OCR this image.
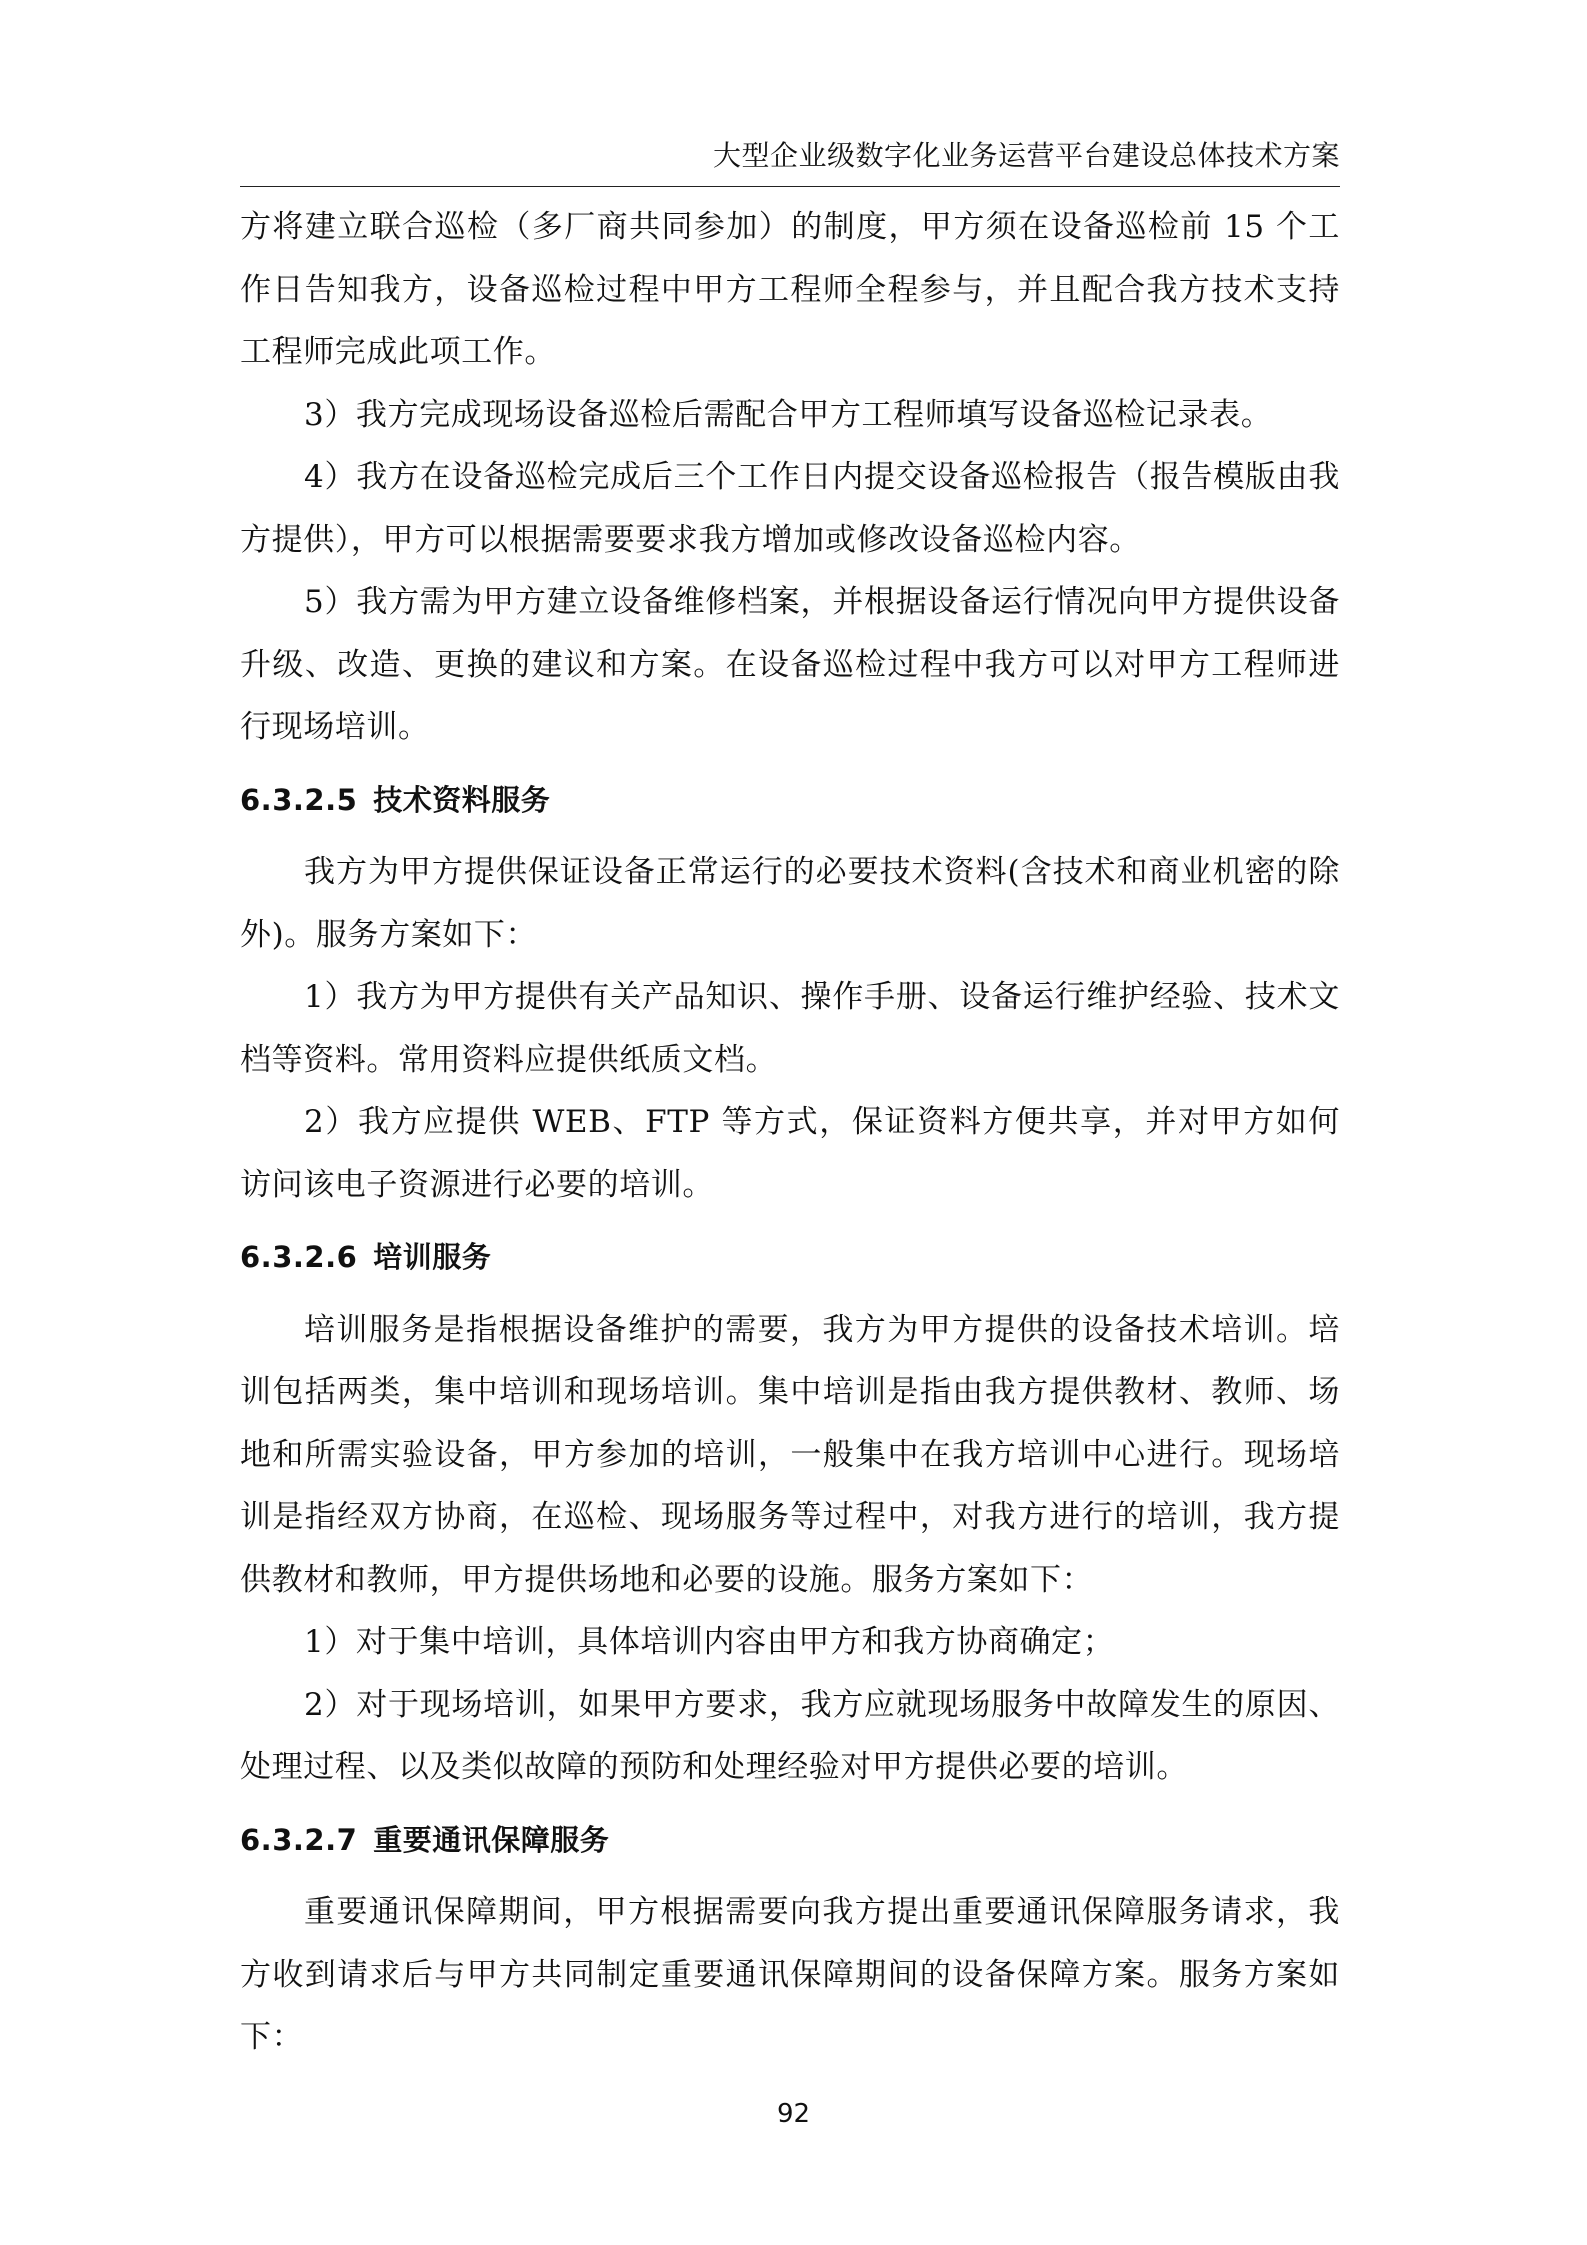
大型企业级数字化业务运营平台建设总体技术方案

方将建立联合巡检（多厂商共同参加）的制度，甲方须在设备巡检前 15 个工作日告知我方，设备巡检过程中甲方工程师全程参与，并且配合我方技术支持工程师完成此项工作。

3）我方完成现场设备巡检后需配合甲方工程师填写设备巡检记录表。

4）我方在设备巡检完成后三个工作日内提交设备巡检报告（报告模版由我方提供），甲方可以根据需要要求我方增加或修改设备巡检内容。

5）我方需为甲方建立设备维修档案，并根据设备运行情况向甲方提供设备升级、改造、更换的建议和方案。在设备巡检过程中我方可以对甲方工程师进行现场培训。

6.3.2.5 技术资料服务

我方为甲方提供保证设备正常运行的必要技术资料(含技术和商业机密的除外)。服务方案如下：

1）我方为甲方提供有关产品知识、操作手册、设备运行维护经验、技术文档等资料。常用资料应提供纸质文档。

2）我方应提供 WEB、FTP 等方式，保证资料方便共享，并对甲方如何访问该电子资源进行必要的培训。

6.3.2.6 培训服务

培训服务是指根据设备维护的需要，我方为甲方提供的设备技术培训。培训包括两类，集中培训和现场培训。集中培训是指由我方提供教材、教师、场地和所需实验设备，甲方参加的培训，一般集中在我方培训中心进行。现场培训是指经双方协商，在巡检、现场服务等过程中，对我方进行的培训，我方提供教材和教师，甲方提供场地和必要的设施。服务方案如下：

1）对于集中培训，具体培训内容由甲方和我方协商确定；

2）对于现场培训，如果甲方要求，我方应就现场服务中故障发生的原因、处理过程、以及类似故障的预防和处理经验对甲方提供必要的培训。

6.3.2.7 重要通讯保障服务

重要通讯保障期间，甲方根据需要向我方提出重要通讯保障服务请求，我方收到请求后与甲方共同制定重要通讯保障期间的设备保障方案。服务方案如下：

92
